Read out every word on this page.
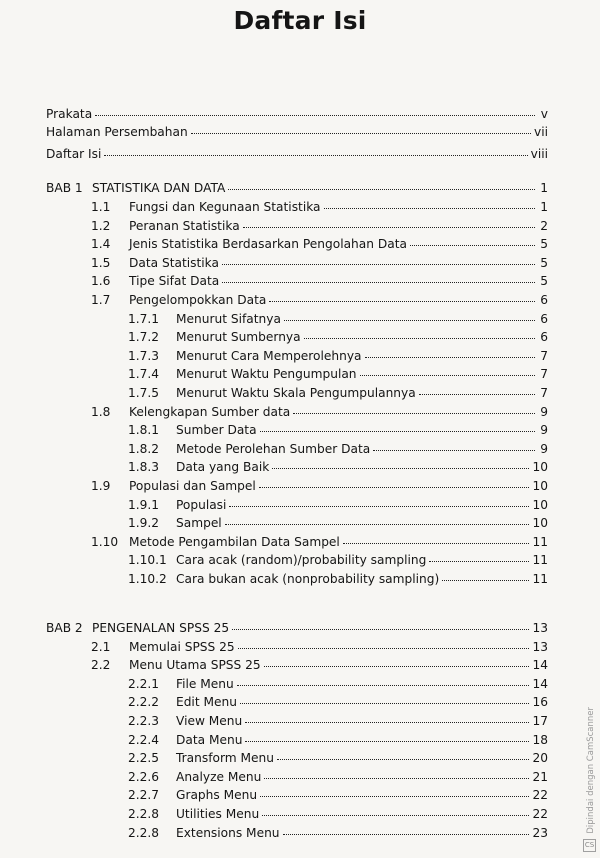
Daftar Isi
Prakata	v
Halaman Persembahan	vii
Daftar Isi	viii
BAB 1 STATISTIKA DAN DATA	1
1.1	Fungsi dan Kegunaan Statistika	1
1.2	Peranan Statistika	2
1.4	Jenis Statistika Berdasarkan Pengolahan Data	5
1.5	Data Statistika	5
1.6	Tipe Sifat Data	5
1.7	Pengelompokkan Data	6
1.7.1	Menurut Sifatnya	6
1.7.2	Menurut Sumbernya	6
1.7.3	Menurut Cara Memperolehnya	7
1.7.4	Menurut Waktu Pengumpulan	7
1.7.5	Menurut Waktu Skala Pengumpulannya	7
1.8	Kelengkapan Sumber data	9
1.8.1	Sumber Data	9
1.8.2	Metode Perolehan Sumber Data	9
1.8.3	Data yang Baik	10
1.9	Populasi dan Sampel	10
1.9.1	Populasi	10
1.9.2	Sampel	10
1.10 Metode Pengambilan Data Sampel	11
1.10.1 Cara acak (random)/probability sampling	11
1.10.2 Cara bukan acak (nonprobability sampling)	11
BAB 2 PENGENALAN SPSS 25	13
2.1	Memulai SPSS 25	13
2.2	Menu Utama SPSS 25	14
2.2.1	File Menu	14
2.2.2	Edit Menu	16
2.2.3	View Menu	17
2.2.4	Data Menu	18
2.2.5	Transform Menu	20
2.2.6	Analyze Menu	21
2.2.7	Graphs Menu	22
2.2.8	Utilities Menu	22
2.2.8	Extensions Menu	23	Dipindai dengan CamScanner
CS
